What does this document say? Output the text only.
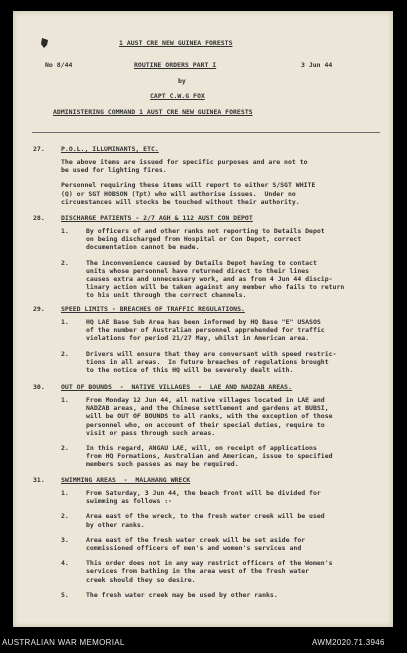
1 AUST CRE NEW GUINEA FORESTS
No 8/44	ROUTINE ORDERS PART I	3 Jun 44
by
CAPT C.W.G FOX
ADMINISTERING COMMAND 1 AUST CRE NEW GUINEA FORESTS
27.	P.O.L., ILLUMINANTS, ETC.
The above items are issued for specific purposes and are not to
be used for lighting fires.
Personnel requiring these items will report to either S/SGT WHITE
(Q) or SGT HOBSON (Tpt) who will authorise issues.  Under no
circumstances will stocks be touched without their authority.
28.	DISCHARGE PATIENTS - 2/7 AGH & 112 AUST CON DEPOT
1.	By officers of and other ranks not reporting to Details Depot
on being discharged from Hospital or Con Depot, correct
documentation cannot be made.
2.	The inconvenience caused by Details Depot having to contact
units whose personnel have returned direct to their lines
causes extra and unnecessary work, and as from 4 Jun 44 discip-
linary action will be taken against any member who fails to return
to his unit through the correct channels.
29.	SPEED LIMITS - BREACHES OF TRAFFIC REGULATIONS.
1.	HQ LAE Base Sub Area has been informed by HQ Base "E" USASOS
of the number of Australian personnel apprehended for traffic
violations for period 21/27 May, whilst in American area.
2.	Drivers will ensure that they are conversant with speed restric-
tions in all areas.  In future breaches of regulations brought
to the notice of this HQ will be severely dealt with.
30.	OUT OF BOUNDS  -  NATIVE VILLAGES  -  LAE AND NADZAB AREAS.
1.	From Monday 12 Jun 44, all native villages located in LAE and
NADZAB areas, and the Chinese settlement and gardens at BUBSI,
will be OUT OF BOUNDS to all ranks, with the exception of those
personnel who, on account of their special duties, require to
visit or pass through such areas.
2.	In this regard, ANGAU LAE, will, on receipt of applications
from HQ Formations, Australian and American, issue to specified
members such passes as may be required.
31.	SWIMMING AREAS  -  MALAHANG WRECK
1.	From Saturday, 3 Jun 44, the beach front will be divided for
swimming as follows :-
2.	Area east of the wreck, to the fresh water creek will be used
by other ranks.
3.	Area east of the fresh water creek will be set aside for
commissioned officers of men's and women's services and
4.	This order does not in any way restrict officers of the Women's
services from bathing in the area west of the fresh water
creek should they so desire.
5.	The fresh water creek may be used by other ranks.
AUSTRALIAN WAR MEMORIAL	AWM2020.71.3946
